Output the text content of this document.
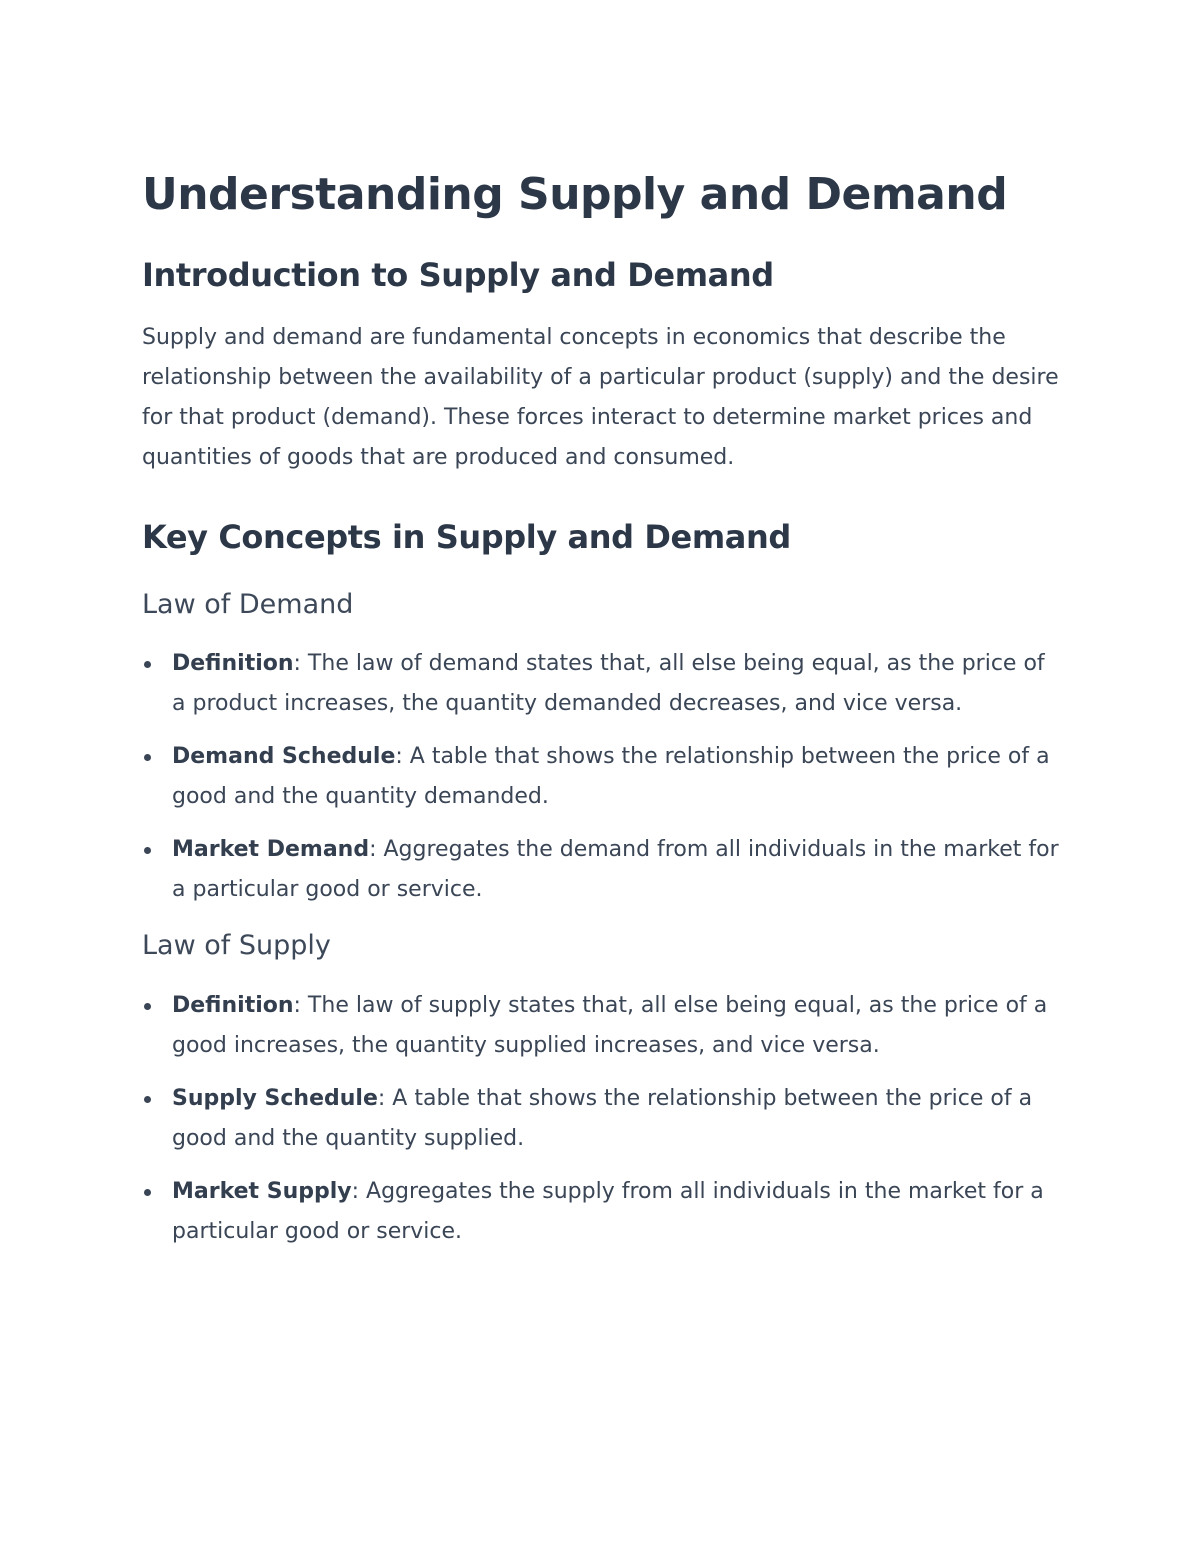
Understanding Supply and Demand
Introduction to Supply and Demand

Supply and demand are fundamental concepts in economics that describe the relationship between the availability of a particular product (supply) and the desire for that product (demand). These forces interact to determine market prices and quantities of goods that are produced and consumed.

Key Concepts in Supply and Demand
Law of Demand
Definition: The law of demand states that, all else being equal, as the price of a product increases, the quantity demanded decreases, and vice versa.
Demand Schedule: A table that shows the relationship between the price of a good and the quantity demanded.
Market Demand: Aggregates the demand from all individuals in the market for a particular good or service.
Law of Supply
Definition: The law of supply states that, all else being equal, as the price of a good increases, the quantity supplied increases, and vice versa.
Supply Schedule: A table that shows the relationship between the price of a good and the quantity supplied.
Market Supply: Aggregates the supply from all individuals in the market for a particular good or service.
